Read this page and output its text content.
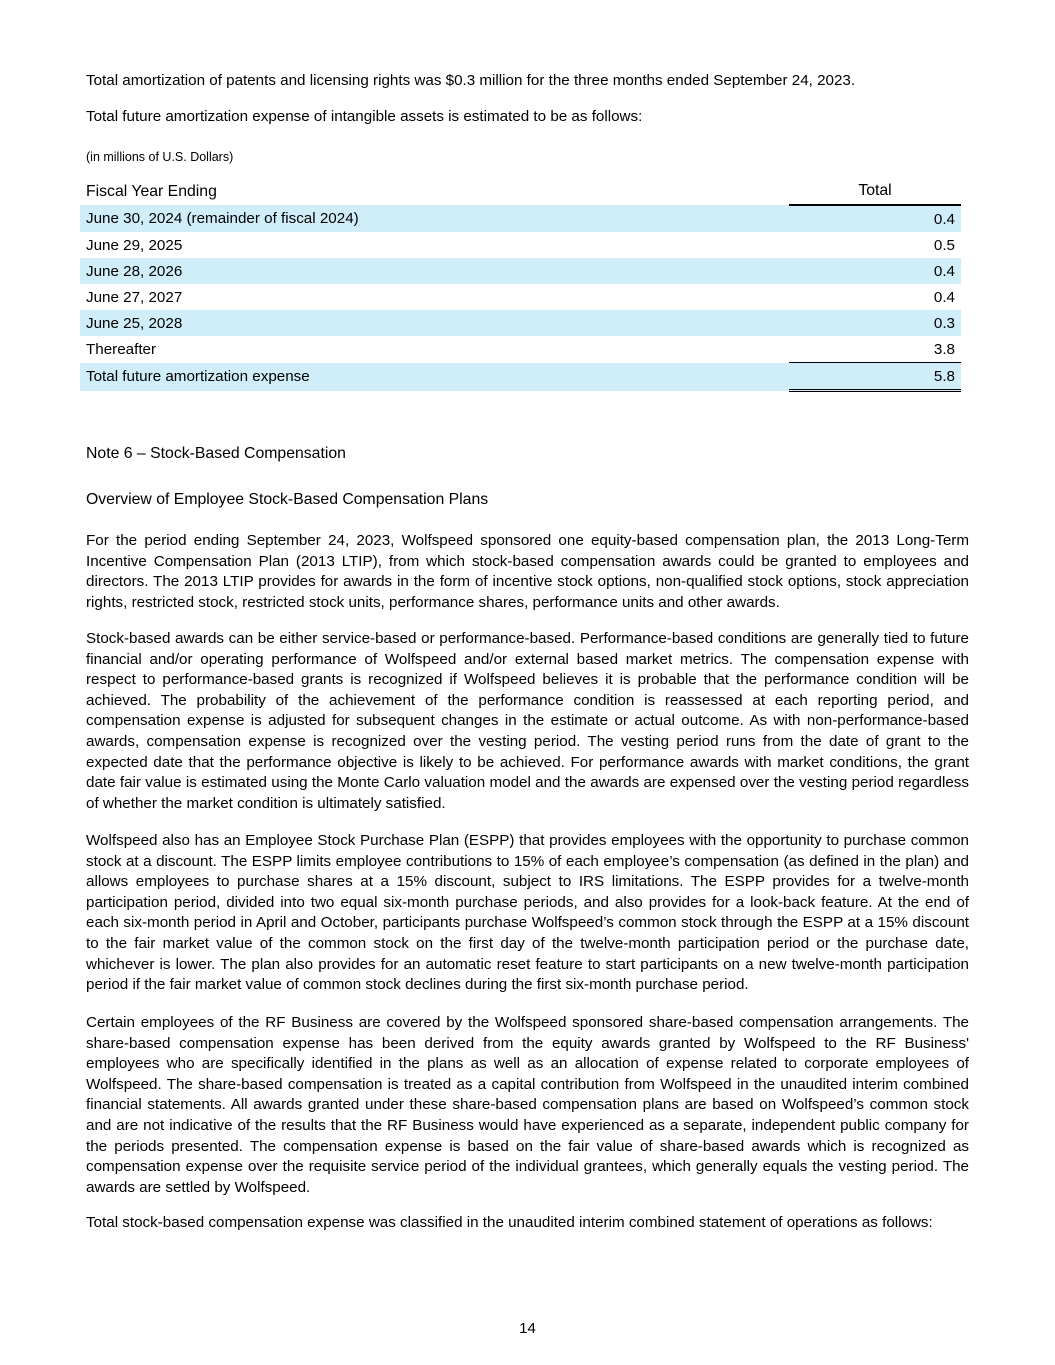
Total amortization of patents and licensing rights was $0.3 million for the three months ended September 24, 2023.

Total future amortization expense of intangible assets is estimated to be as follows:

(in millions of U.S. Dollars)

Fiscal Year Ending	Total
June 30, 2024 (remainder of fiscal 2024)	0.4
June 29, 2025	0.5
June 28, 2026	0.4
June 27, 2027	0.4
June 25, 2028	0.3
Thereafter	3.8
Total future amortization expense	5.8

Note 6 – Stock-Based Compensation

Overview of Employee Stock-Based Compensation Plans

For the period ending September 24, 2023, Wolfspeed sponsored one equity-based compensation plan, the 2013 Long-Term Incentive Compensation Plan (2013 LTIP), from which stock-based compensation awards could be granted to employees and directors. The 2013 LTIP provides for awards in the form of incentive stock options, non-qualified stock options, stock appreciation rights, restricted stock, restricted stock units, performance shares, performance units and other awards.

Stock-based awards can be either service-based or performance-based. Performance-based conditions are generally tied to future financial and/or operating performance of Wolfspeed and/or external based market metrics. The compensation expense with respect to performance-based grants is recognized if Wolfspeed believes it is probable that the performance condition will be achieved. The probability of the achievement of the performance condition is reassessed at each reporting period, and compensation expense is adjusted for subsequent changes in the estimate or actual outcome. As with non-performance-based awards, compensation expense is recognized over the vesting period. The vesting period runs from the date of grant to the expected date that the performance objective is likely to be achieved. For performance awards with market conditions, the grant date fair value is estimated using the Monte Carlo valuation model and the awards are expensed over the vesting period regardless of whether the market condition is ultimately satisfied.

Wolfspeed also has an Employee Stock Purchase Plan (ESPP) that provides employees with the opportunity to purchase common stock at a discount. The ESPP limits employee contributions to 15% of each employee’s compensation (as defined in the plan) and allows employees to purchase shares at a 15% discount, subject to IRS limitations. The ESPP provides for a twelve-month participation period, divided into two equal six-month purchase periods, and also provides for a look-back feature. At the end of each six-month period in April and October, participants purchase Wolfspeed’s common stock through the ESPP at a 15% discount to the fair market value of the common stock on the first day of the twelve-month participation period or the purchase date, whichever is lower. The plan also provides for an automatic reset feature to start participants on a new twelve-month participation period if the fair market value of common stock declines during the first six-month purchase period.

Certain employees of the RF Business are covered by the Wolfspeed sponsored share-based compensation arrangements. The share-based compensation expense has been derived from the equity awards granted by Wolfspeed to the RF Business' employees who are specifically identified in the plans as well as an allocation of expense related to corporate employees of Wolfspeed. The share-based compensation is treated as a capital contribution from Wolfspeed in the unaudited interim combined financial statements. All awards granted under these share-based compensation plans are based on Wolfspeed’s common stock and are not indicative of the results that the RF Business would have experienced as a separate, independent public company for the periods presented. The compensation expense is based on the fair value of share-based awards which is recognized as compensation expense over the requisite service period of the individual grantees, which generally equals the vesting period. The awards are settled by Wolfspeed.

Total stock-based compensation expense was classified in the unaudited interim combined statement of operations as follows:

14
